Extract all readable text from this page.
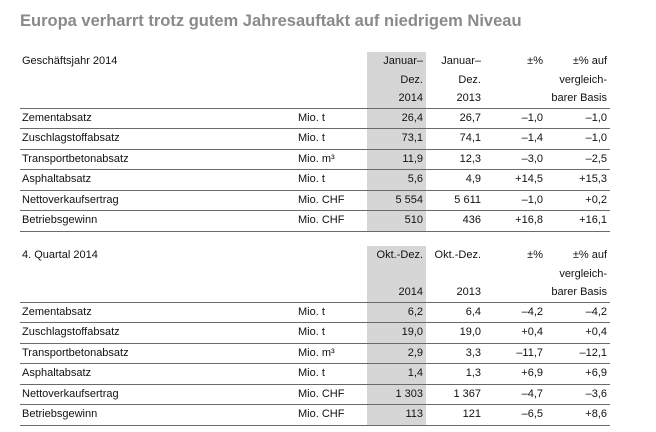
Europa verharrt trotz gutem Jahresauftakt auf niedrigem Niveau
Geschäftsjahr 2014		Januar–	Januar–	±%	±% auf
		Dez.	Dez.		vergleich-
		2014	2013		barer Basis
Zementabsatz	Mio. t	26,4	26,7	–1,0	–1,0
Zuschlagstoffabsatz	Mio. t	73,1	74,1	–1,4	–1,0
Transportbetonabsatz	Mio. m³	11,9	12,3	–3,0	–2,5
Asphaltabsatz	Mio. t	5,6	4,9	+14,5	+15,3
Nettoverkaufsertrag	Mio. CHF	5 554	5 611	–1,0	+0,2
Betriebsgewinn	Mio. CHF	510	436	+16,8	+16,1
4. Quartal 2014		Okt.-Dez.	Okt.-Dez.	±%	±% auf
					vergleich-
		2014	2013		barer Basis
Zementabsatz	Mio. t	6,2	6,4	–4,2	–4,2
Zuschlagstoffabsatz	Mio. t	19,0	19,0	+0,4	+0,4
Transportbetonabsatz	Mio. m³	2,9	3,3	–11,7	–12,1
Asphaltabsatz	Mio. t	1,4	1,3	+6,9	+6,9
Nettoverkaufsertrag	Mio. CHF	1 303	1 367	–4,7	–3,6
Betriebsgewinn	Mio. CHF	113	121	–6,5	+8,6
